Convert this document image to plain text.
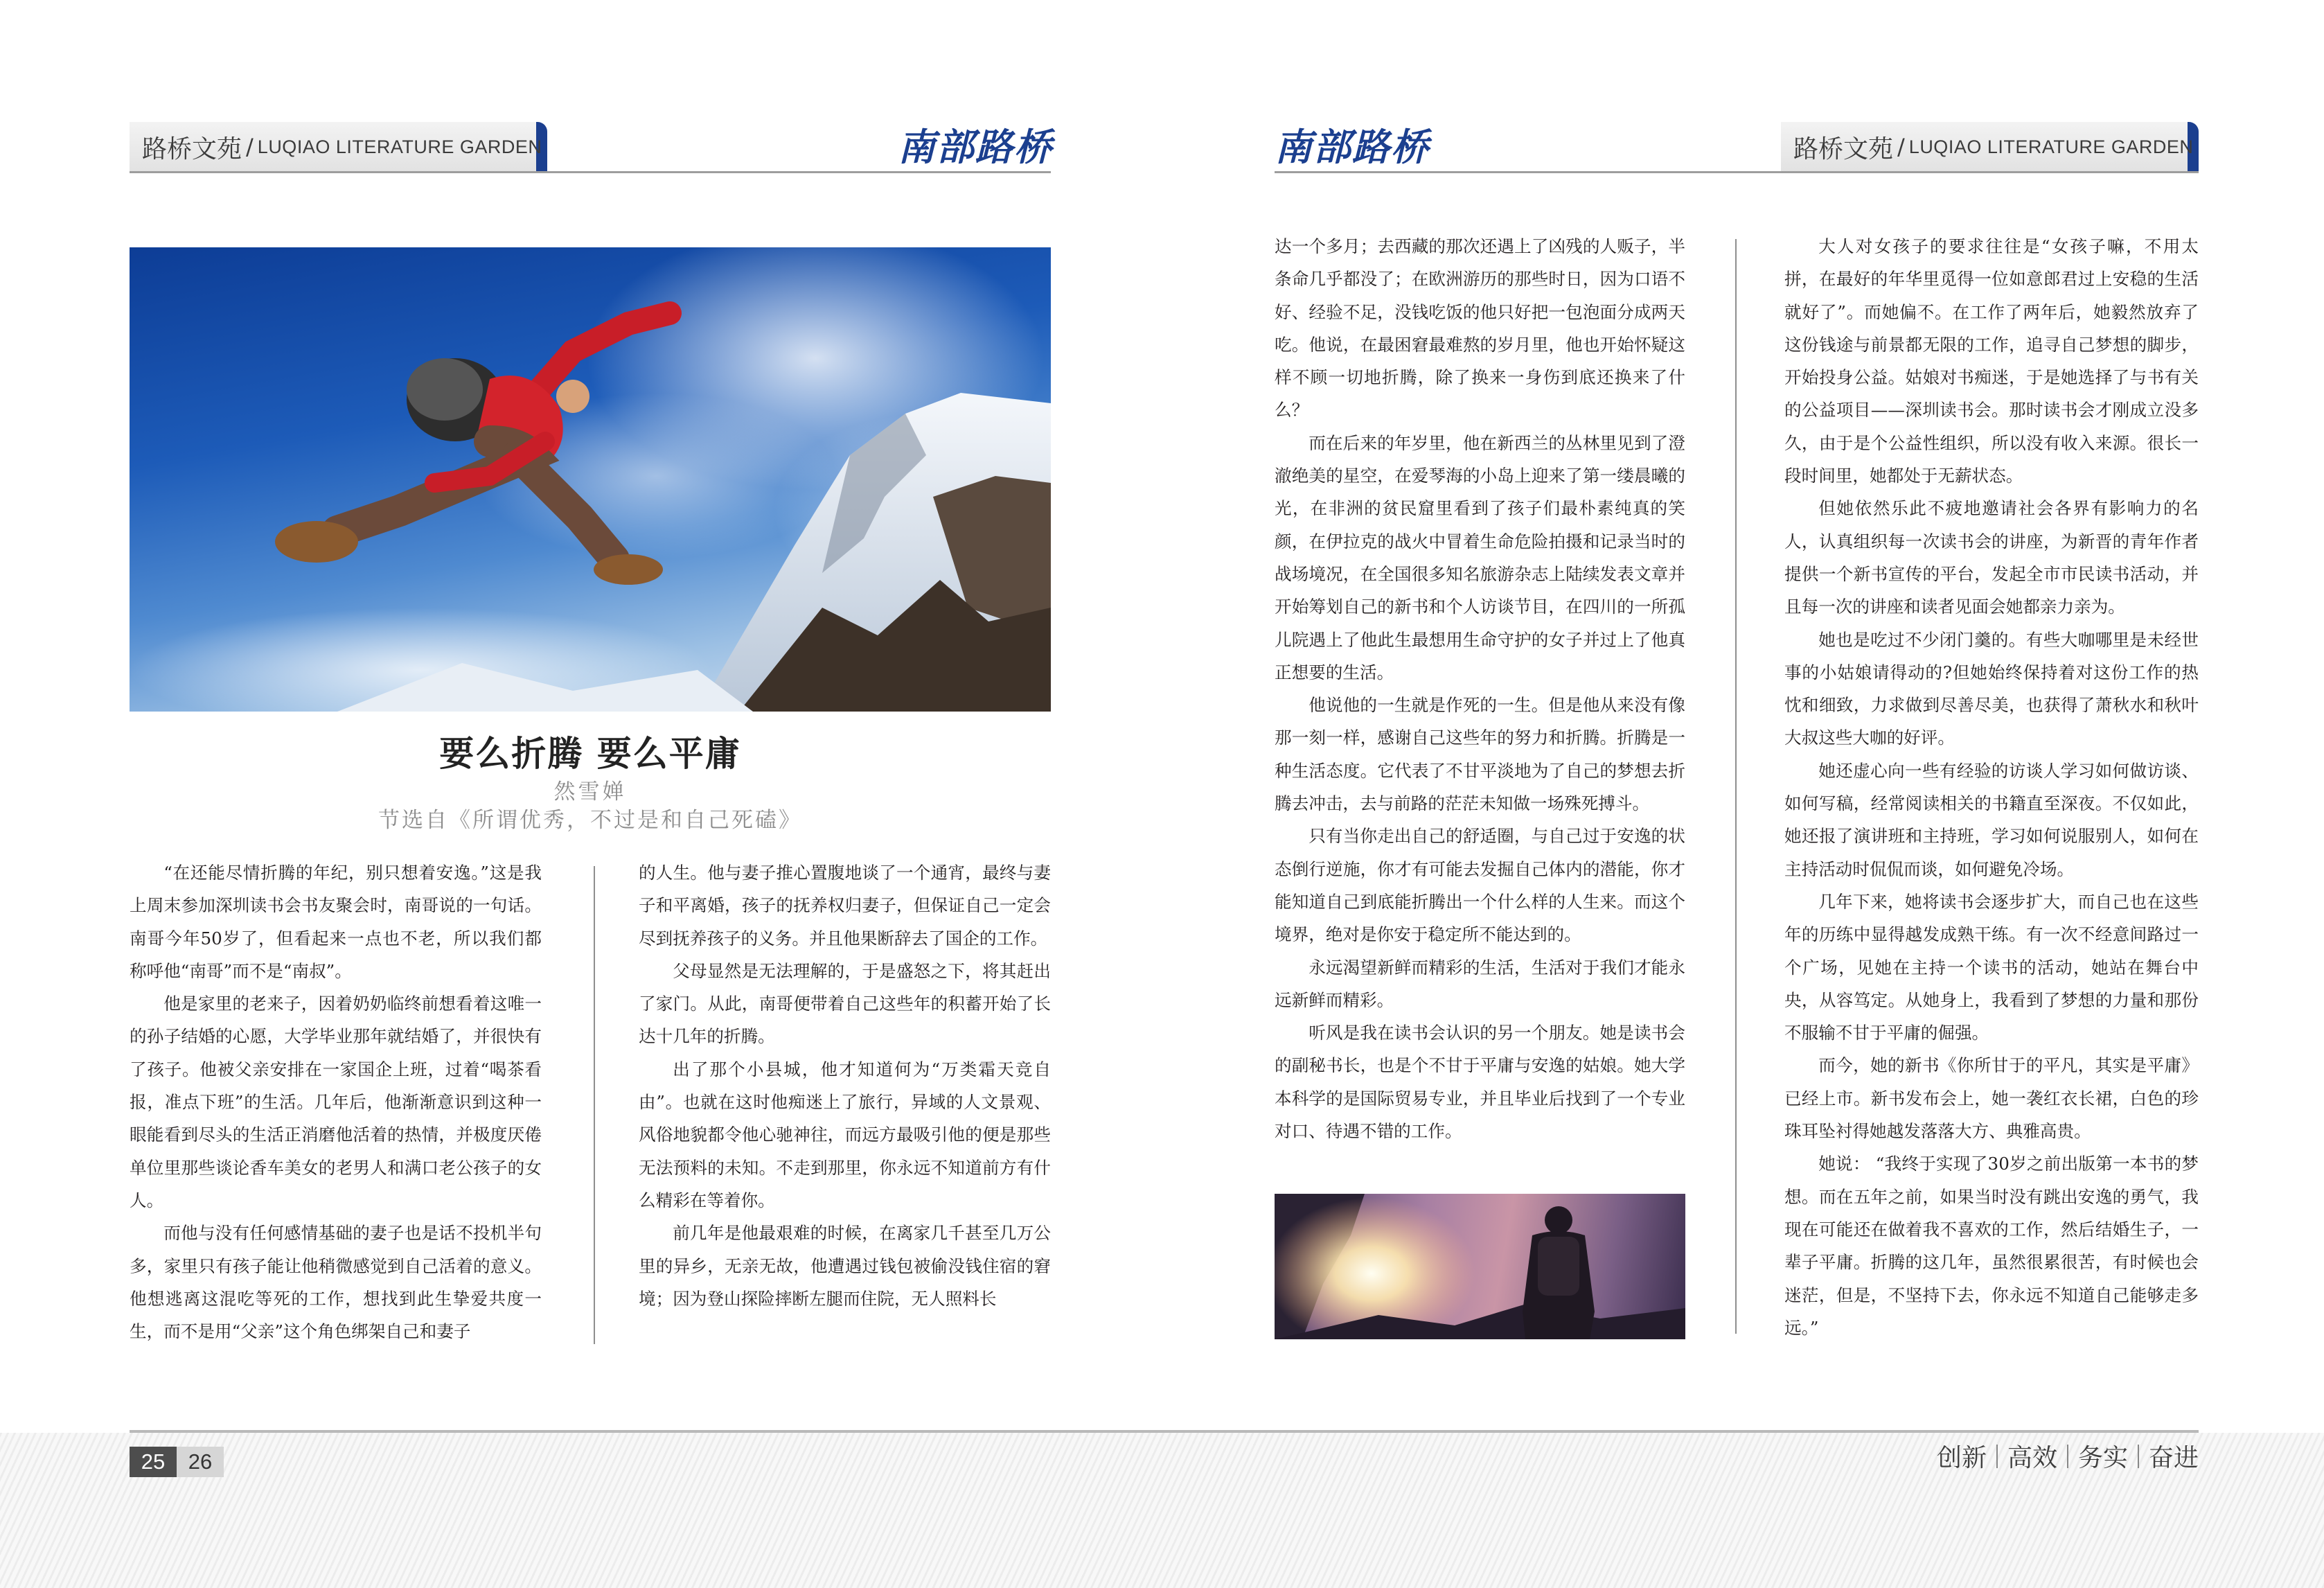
路桥文苑 / LUQIAO LITERATURE GARDEN	南部路桥	南部路桥	路桥文苑 / LUQIAO LITERATURE GARDEN
要么折腾 要么平庸
然雪婵
节选自《所谓优秀，不过是和自己死磕》

“在还能尽情折腾的年纪，别只想着安逸。”这是我上周末参加深圳读书会书友聚会时，南哥说的一句话。南哥今年50岁了，但看起来一点也不老，所以我们都称呼他“南哥”而不是“南叔”。

他是家里的老来子，因着奶奶临终前想看着这唯一的孙子结婚的心愿，大学毕业那年就结婚了，并很快有了孩子。他被父亲安排在一家国企上班，过着“喝茶看报，准点下班”的生活。几年后，他渐渐意识到这种一眼能看到尽头的生活正消磨他活着的热情，并极度厌倦单位里那些谈论香车美女的老男人和满口老公孩子的女人。

而他与没有任何感情基础的妻子也是话不投机半句多，家里只有孩子能让他稍微感觉到自己活着的意义。他想逃离这混吃等死的工作，想找到此生挚爱共度一生，而不是用“父亲”这个角色绑架自己和妻子

的人生。他与妻子推心置腹地谈了一个通宵，最终与妻子和平离婚，孩子的抚养权归妻子，但保证自己一定会尽到抚养孩子的义务。并且他果断辞去了国企的工作。

父母显然是无法理解的，于是盛怒之下，将其赶出了家门。从此，南哥便带着自己这些年的积蓄开始了长达十几年的折腾。

出了那个小县城，他才知道何为“万类霜天竞自由”。也就在这时他痴迷上了旅行，异域的人文景观、风俗地貌都令他心驰神往，而远方最吸引他的便是那些无法预料的未知。不走到那里，你永远不知道前方有什么精彩在等着你。

前几年是他最艰难的时候，在离家几千甚至几万公里的异乡，无亲无故，他遭遇过钱包被偷没钱住宿的窘境；因为登山探险摔断左腿而住院，无人照料长

达一个多月；去西藏的那次还遇上了凶残的人贩子，半条命几乎都没了；在欧洲游历的那些时日，因为口语不好、经验不足，没钱吃饭的他只好把一包泡面分成两天吃。他说，在最困窘最难熬的岁月里，他也开始怀疑这样不顾一切地折腾，除了换来一身伤到底还换来了什么？

而在后来的年岁里，他在新西兰的丛林里见到了澄澈绝美的星空，在爱琴海的小岛上迎来了第一缕晨曦的光，在非洲的贫民窟里看到了孩子们最朴素纯真的笑颜，在伊拉克的战火中冒着生命危险拍摄和记录当时的战场境况，在全国很多知名旅游杂志上陆续发表文章并开始筹划自己的新书和个人访谈节目，在四川的一所孤儿院遇上了他此生最想用生命守护的女子并过上了他真正想要的生活。

他说他的一生就是作死的一生。但是他从来没有像那一刻一样，感谢自己这些年的努力和折腾。折腾是一种生活态度。它代表了不甘平淡地为了自己的梦想去折腾去冲击，去与前路的茫茫未知做一场殊死搏斗。

只有当你走出自己的舒适圈，与自己过于安逸的状态倒行逆施，你才有可能去发掘自己体内的潜能，你才能知道自己到底能折腾出一个什么样的人生来。而这个境界，绝对是你安于稳定所不能达到的。

永远渴望新鲜而精彩的生活，生活对于我们才能永远新鲜而精彩。

听风是我在读书会认识的另一个朋友。她是读书会的副秘书长，也是个不甘于平庸与安逸的姑娘。她大学本科学的是国际贸易专业，并且毕业后找到了一个专业对口、待遇不错的工作。

大人对女孩子的要求往往是“女孩子嘛，不用太拼，在最好的年华里觅得一位如意郎君过上安稳的生活就好了”。而她偏不。在工作了两年后，她毅然放弃了这份钱途与前景都无限的工作，追寻自己梦想的脚步，开始投身公益。姑娘对书痴迷，于是她选择了与书有关的公益项目——深圳读书会。那时读书会才刚成立没多久，由于是个公益性组织，所以没有收入来源。很长一段时间里，她都处于无薪状态。

但她依然乐此不疲地邀请社会各界有影响力的名人，认真组织每一次读书会的讲座，为新晋的青年作者提供一个新书宣传的平台，发起全市市民读书活动，并且每一次的讲座和读者见面会她都亲力亲为。

她也是吃过不少闭门羹的。有些大咖哪里是未经世事的小姑娘请得动的?但她始终保持着对这份工作的热忱和细致，力求做到尽善尽美，也获得了萧秋水和秋叶大叔这些大咖的好评。

她还虚心向一些有经验的访谈人学习如何做访谈、如何写稿，经常阅读相关的书籍直至深夜。不仅如此，她还报了演讲班和主持班，学习如何说服别人，如何在主持活动时侃侃而谈，如何避免冷场。

几年下来，她将读书会逐步扩大，而自己也在这些年的历练中显得越发成熟干练。有一次不经意间路过一个广场，见她在主持一个读书的活动，她站在舞台中央，从容笃定。从她身上，我看到了梦想的力量和那份不服输不甘于平庸的倔强。

而今，她的新书《你所甘于的平凡，其实是平庸》已经上市。新书发布会上，她一袭红衣长裙，白色的珍珠耳坠衬得她越发落落大方、典雅高贵。

她说： “我终于实现了30岁之前出版第一本书的梦想。而在五年之前，如果当时没有跳出安逸的勇气，我现在可能还在做着我不喜欢的工作，然后结婚生子，一辈子平庸。折腾的这几年，虽然很累很苦，有时候也会迷茫，但是，不坚持下去，你永远不知道自己能够走多远。”

25	26	创新 高效 务实 奋进
